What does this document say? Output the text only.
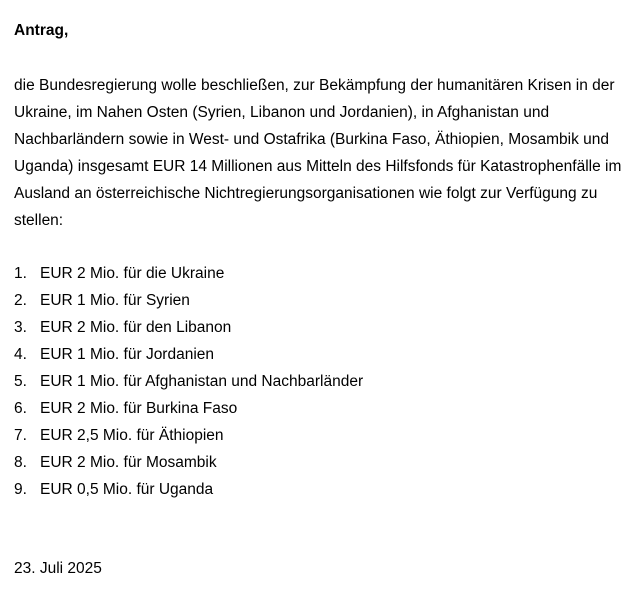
Antrag,
die Bundesregierung wolle beschließen, zur Bekämpfung der humanitären Krisen in der
Ukraine, im Nahen Osten (Syrien, Libanon und Jordanien), in Afghanistan und
Nachbarländern sowie in West- und Ostafrika (Burkina Faso, Äthiopien, Mosambik und
Uganda) insgesamt EUR 14 Millionen aus Mitteln des Hilfsfonds für Katastrophenfälle im
Ausland an österreichische Nichtregierungsorganisationen wie folgt zur Verfügung zu
stellen:
1. EUR 2 Mio. für die Ukraine
2. EUR 1 Mio. für Syrien
3. EUR 2 Mio. für den Libanon
4. EUR 1 Mio. für Jordanien
5. EUR 1 Mio. für Afghanistan und Nachbarländer
6. EUR 2 Mio. für Burkina Faso
7. EUR 2,5 Mio. für Äthiopien
8. EUR 2 Mio. für Mosambik
9. EUR 0,5 Mio. für Uganda
23. Juli 2025
